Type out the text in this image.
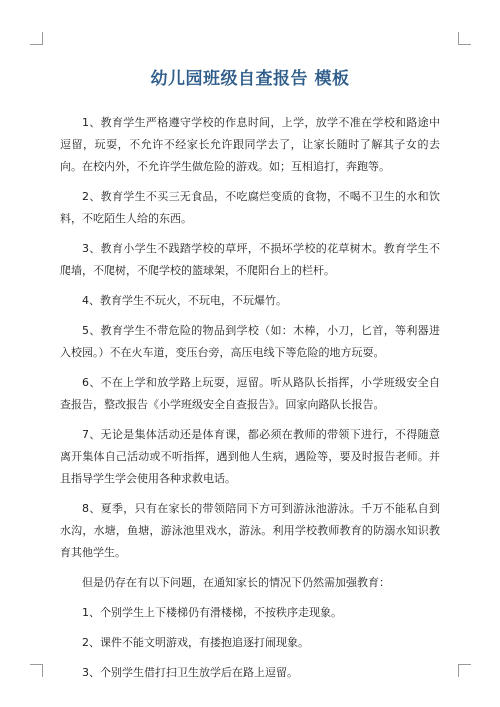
幼儿园班级自查报告 模板

1、教育学生严格遵守学校的作息时间，上学，放学不准在学校和路途中逗留，玩耍，不允许不经家长允许跟同学去了，让家长随时了解其子女的去向。在校内外，不允许学生做危险的游戏。如；互相追打，奔跑等。

2、教育学生不买三无食品，不吃腐烂变质的食物，不喝不卫生的水和饮料，不吃陌生人给的东西。

3、教育小学生不践踏学校的草坪，不损坏学校的花草树木。教育学生不爬墙，不爬树，不爬学校的篮球架，不爬阳台上的栏杆。

4、教育学生不玩火，不玩电，不玩爆竹。

5、教育学生不带危险的物品到学校（如：木棒，小刀，匕首，等利器进入校园。）不在火车道，变压台旁，高压电线下等危险的地方玩耍。

6、不在上学和放学路上玩耍，逗留。听从路队长指挥，小学班级安全自查报告，整改报告《小学班级安全自查报告》。回家向路队长报告。

7、无论是集体活动还是体育课，都必须在教师的带领下进行，不得随意离开集体自己活动或不听指挥，遇到他人生病，遇险等，要及时报告老师。并且指导学生学会使用各种求救电话。

8、夏季，只有在家长的带领陪同下方可到游泳池游泳。千万不能私自到水沟，水塘，鱼塘，游泳池里戏水，游泳。利用学校教师教育的防溺水知识教育其他学生。

但是仍存在有以下问题，在通知家长的情况下仍然需加强教育：

1、个别学生上下楼梯仍有滑楼梯，不按秩序走现象。

2、课件不能文明游戏，有搂抱追逐打闹现象。

3、个别学生借打扫卫生放学后在路上逗留。
